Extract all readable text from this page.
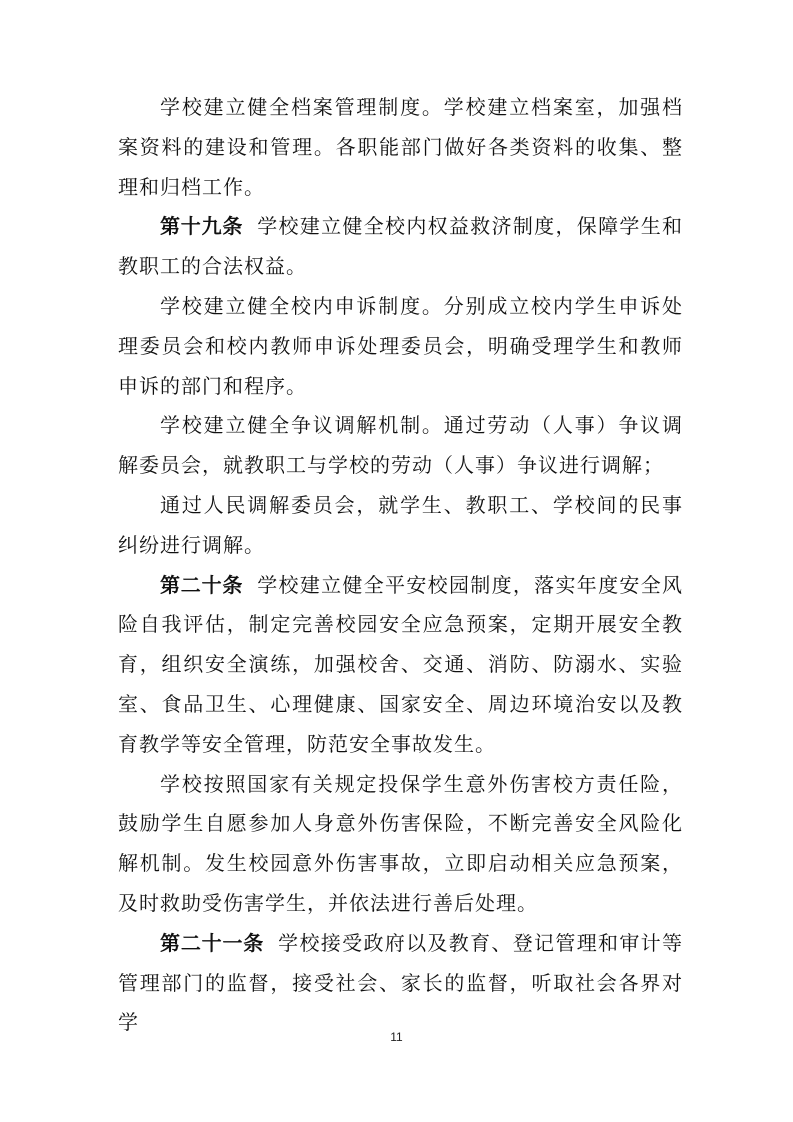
学校建立健全档案管理制度。学校建立档案室，加强档案资料的建设和管理。各职能部门做好各类资料的收集、整理和归档工作。

第十九条 学校建立健全校内权益救济制度，保障学生和教职工的合法权益。

学校建立健全校内申诉制度。分别成立校内学生申诉处理委员会和校内教师申诉处理委员会，明确受理学生和教师申诉的部门和程序。

学校建立健全争议调解机制。通过劳动（人事）争议调解委员会，就教职工与学校的劳动（人事）争议进行调解；

通过人民调解委员会，就学生、教职工、学校间的民事纠纷进行调解。

第二十条 学校建立健全平安校园制度，落实年度安全风险自我评估，制定完善校园安全应急预案，定期开展安全教育，组织安全演练，加强校舍、交通、消防、防溺水、实验室、食品卫生、心理健康、国家安全、周边环境治安以及教育教学等安全管理，防范安全事故发生。

学校按照国家有关规定投保学生意外伤害校方责任险，鼓励学生自愿参加人身意外伤害保险，不断完善安全风险化解机制。发生校园意外伤害事故，立即启动相关应急预案，及时救助受伤害学生，并依法进行善后处理。

第二十一条 学校接受政府以及教育、登记管理和审计等管理部门的监督，接受社会、家长的监督，听取社会各界对学

11
